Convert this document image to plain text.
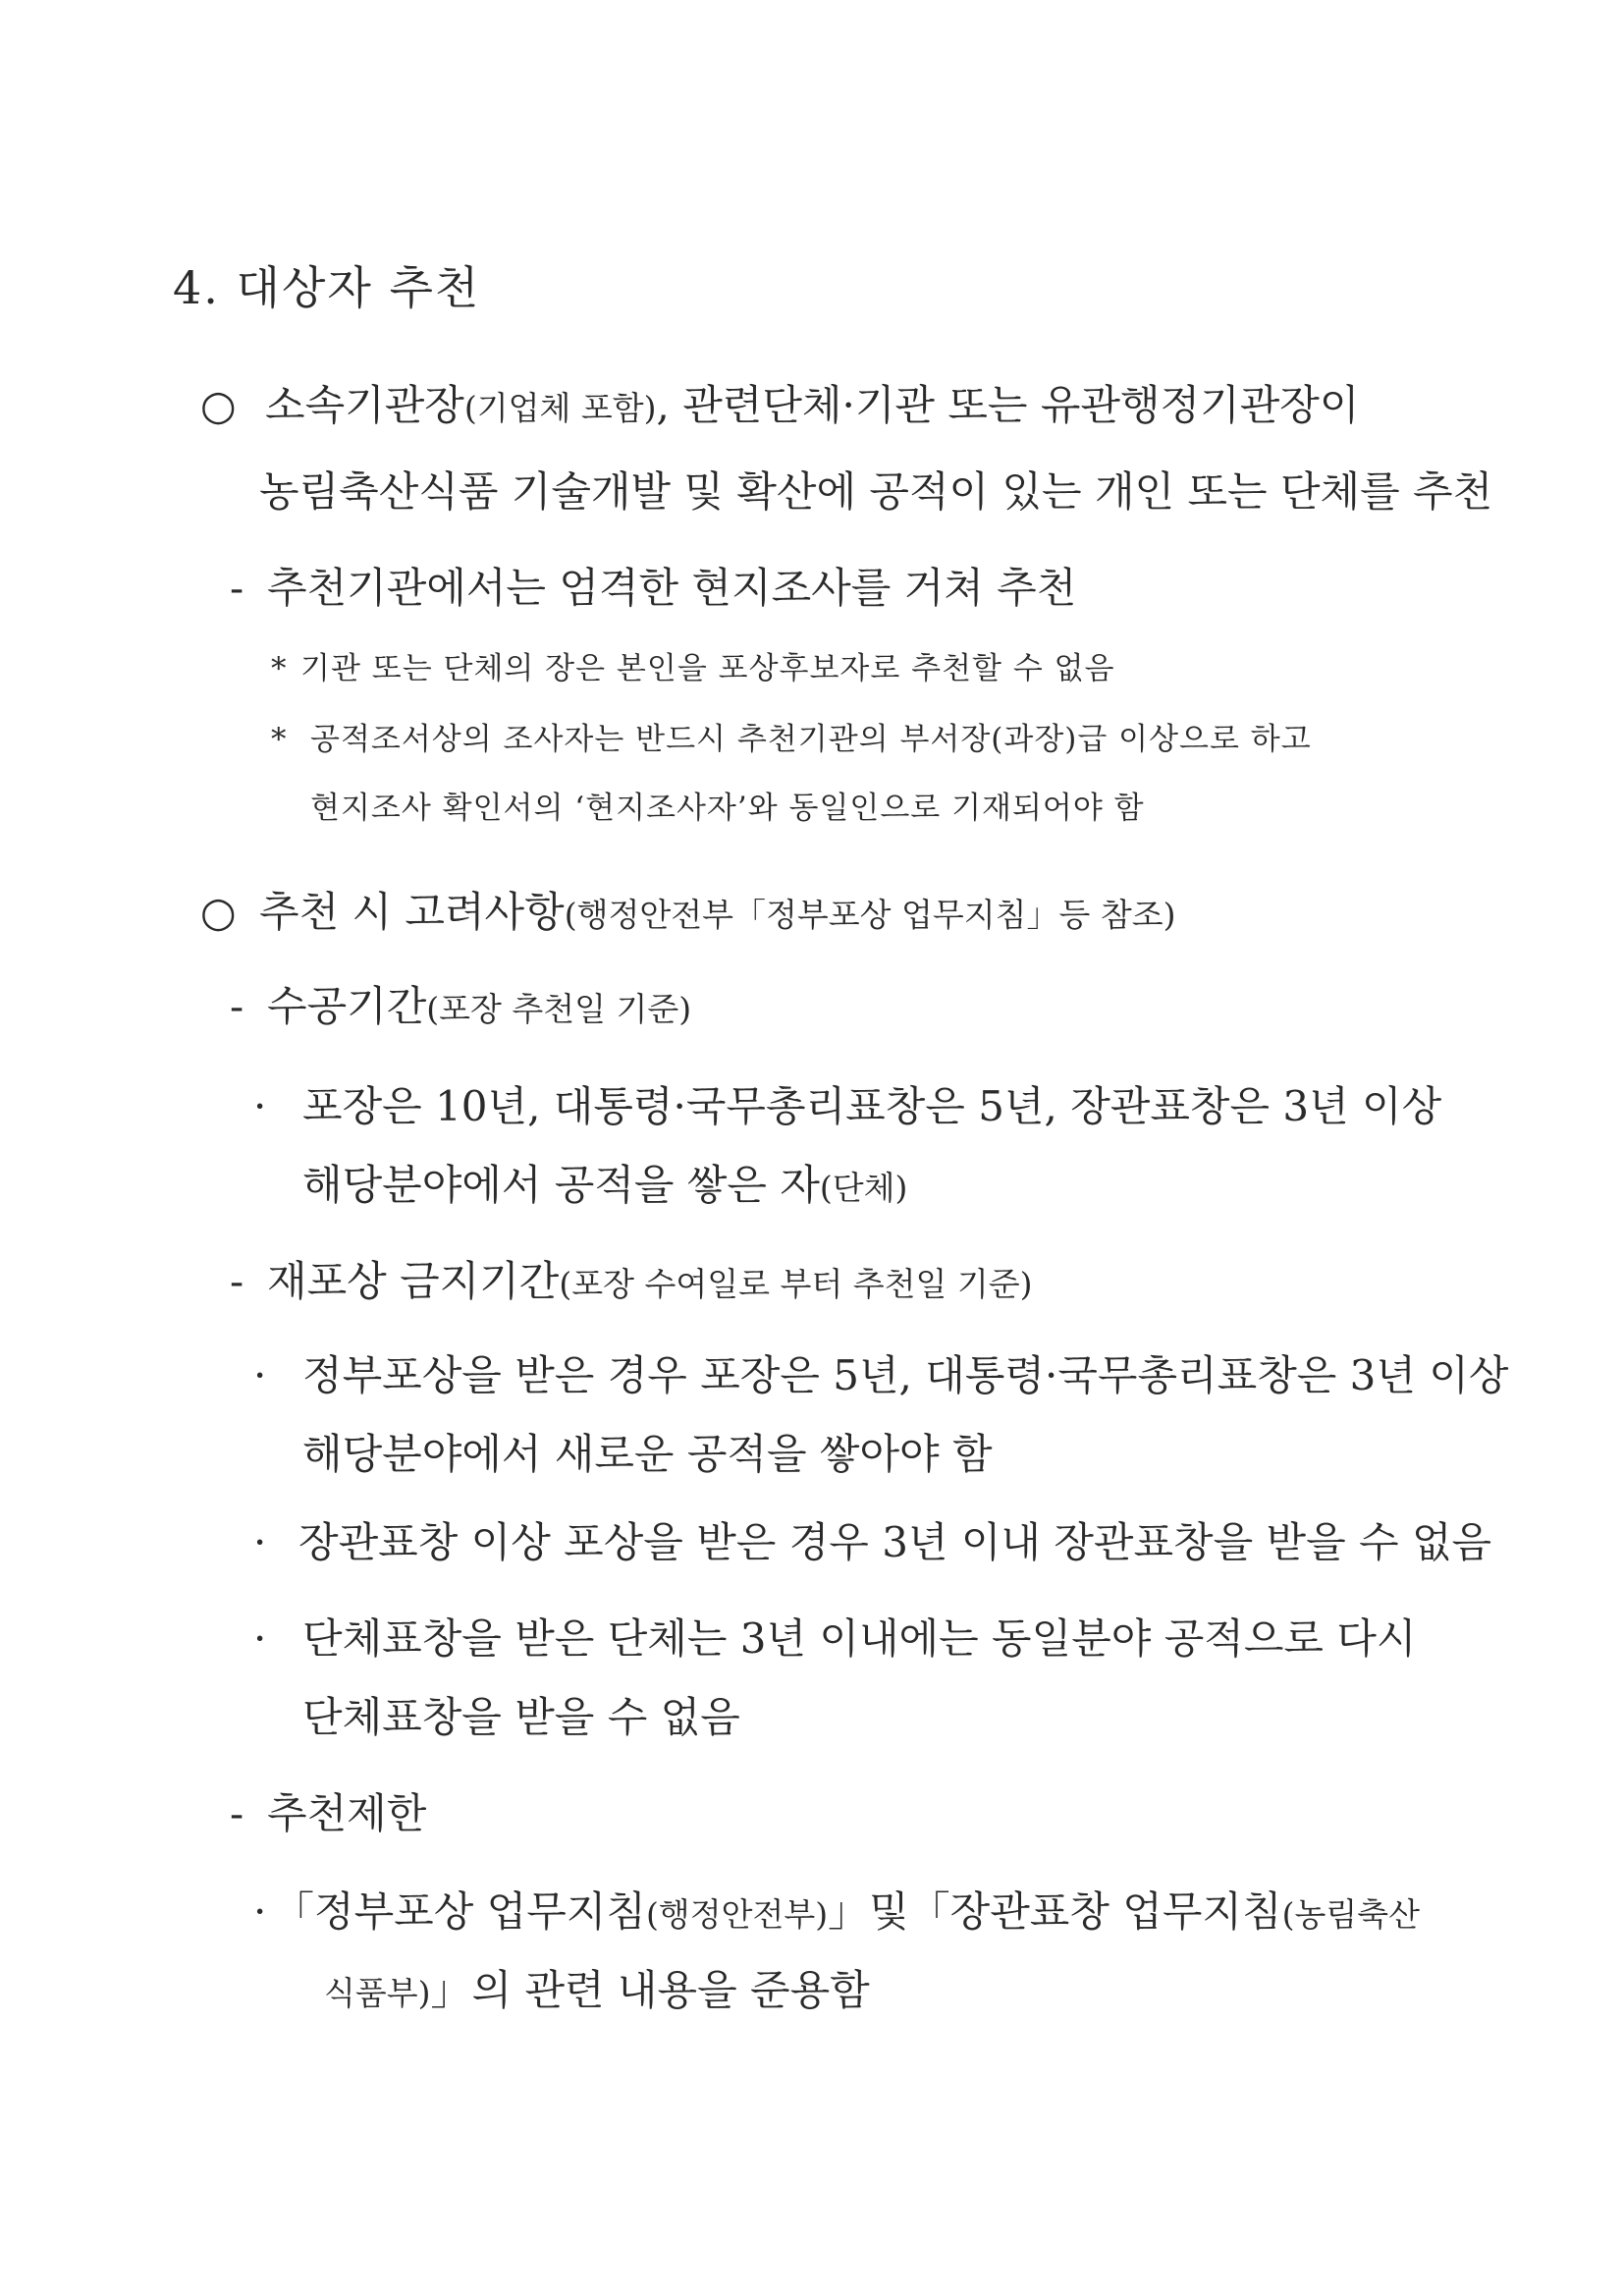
4. 대상자 추천
○ 소속기관장(기업체 포함), 관련단체·기관 또는 유관행정기관장이
농림축산식품 기술개발 및 확산에 공적이 있는 개인 또는 단체를 추천
- 추천기관에서는 엄격한 현지조사를 거쳐 추천
* 기관 또는 단체의 장은 본인을 포상후보자로 추천할 수 없음
* 공적조서상의 조사자는 반드시 추천기관의 부서장(과장)급 이상으로 하고
현지조사 확인서의 ‘현지조사자’와 동일인으로 기재되어야 함
○ 추천 시 고려사항(행정안전부「정부포상 업무지침」등 참조)
- 수공기간(포장 추천일 기준)
· 포장은 10년, 대통령·국무총리표창은 5년, 장관표창은 3년 이상
해당분야에서 공적을 쌓은 자(단체)
- 재포상 금지기간(포장 수여일로 부터 추천일 기준)
· 정부포상을 받은 경우 포장은 5년, 대통령·국무총리표창은 3년 이상
해당분야에서 새로운 공적을 쌓아야 함
· 장관표창 이상 포상을 받은 경우 3년 이내 장관표창을 받을 수 없음
· 단체표창을 받은 단체는 3년 이내에는 동일분야 공적으로 다시
단체표창을 받을 수 없음
- 추천제한
· 「정부포상 업무지침(행정안전부)」및「장관표창 업무지침(농림축산
식품부)」의 관련 내용을 준용함
